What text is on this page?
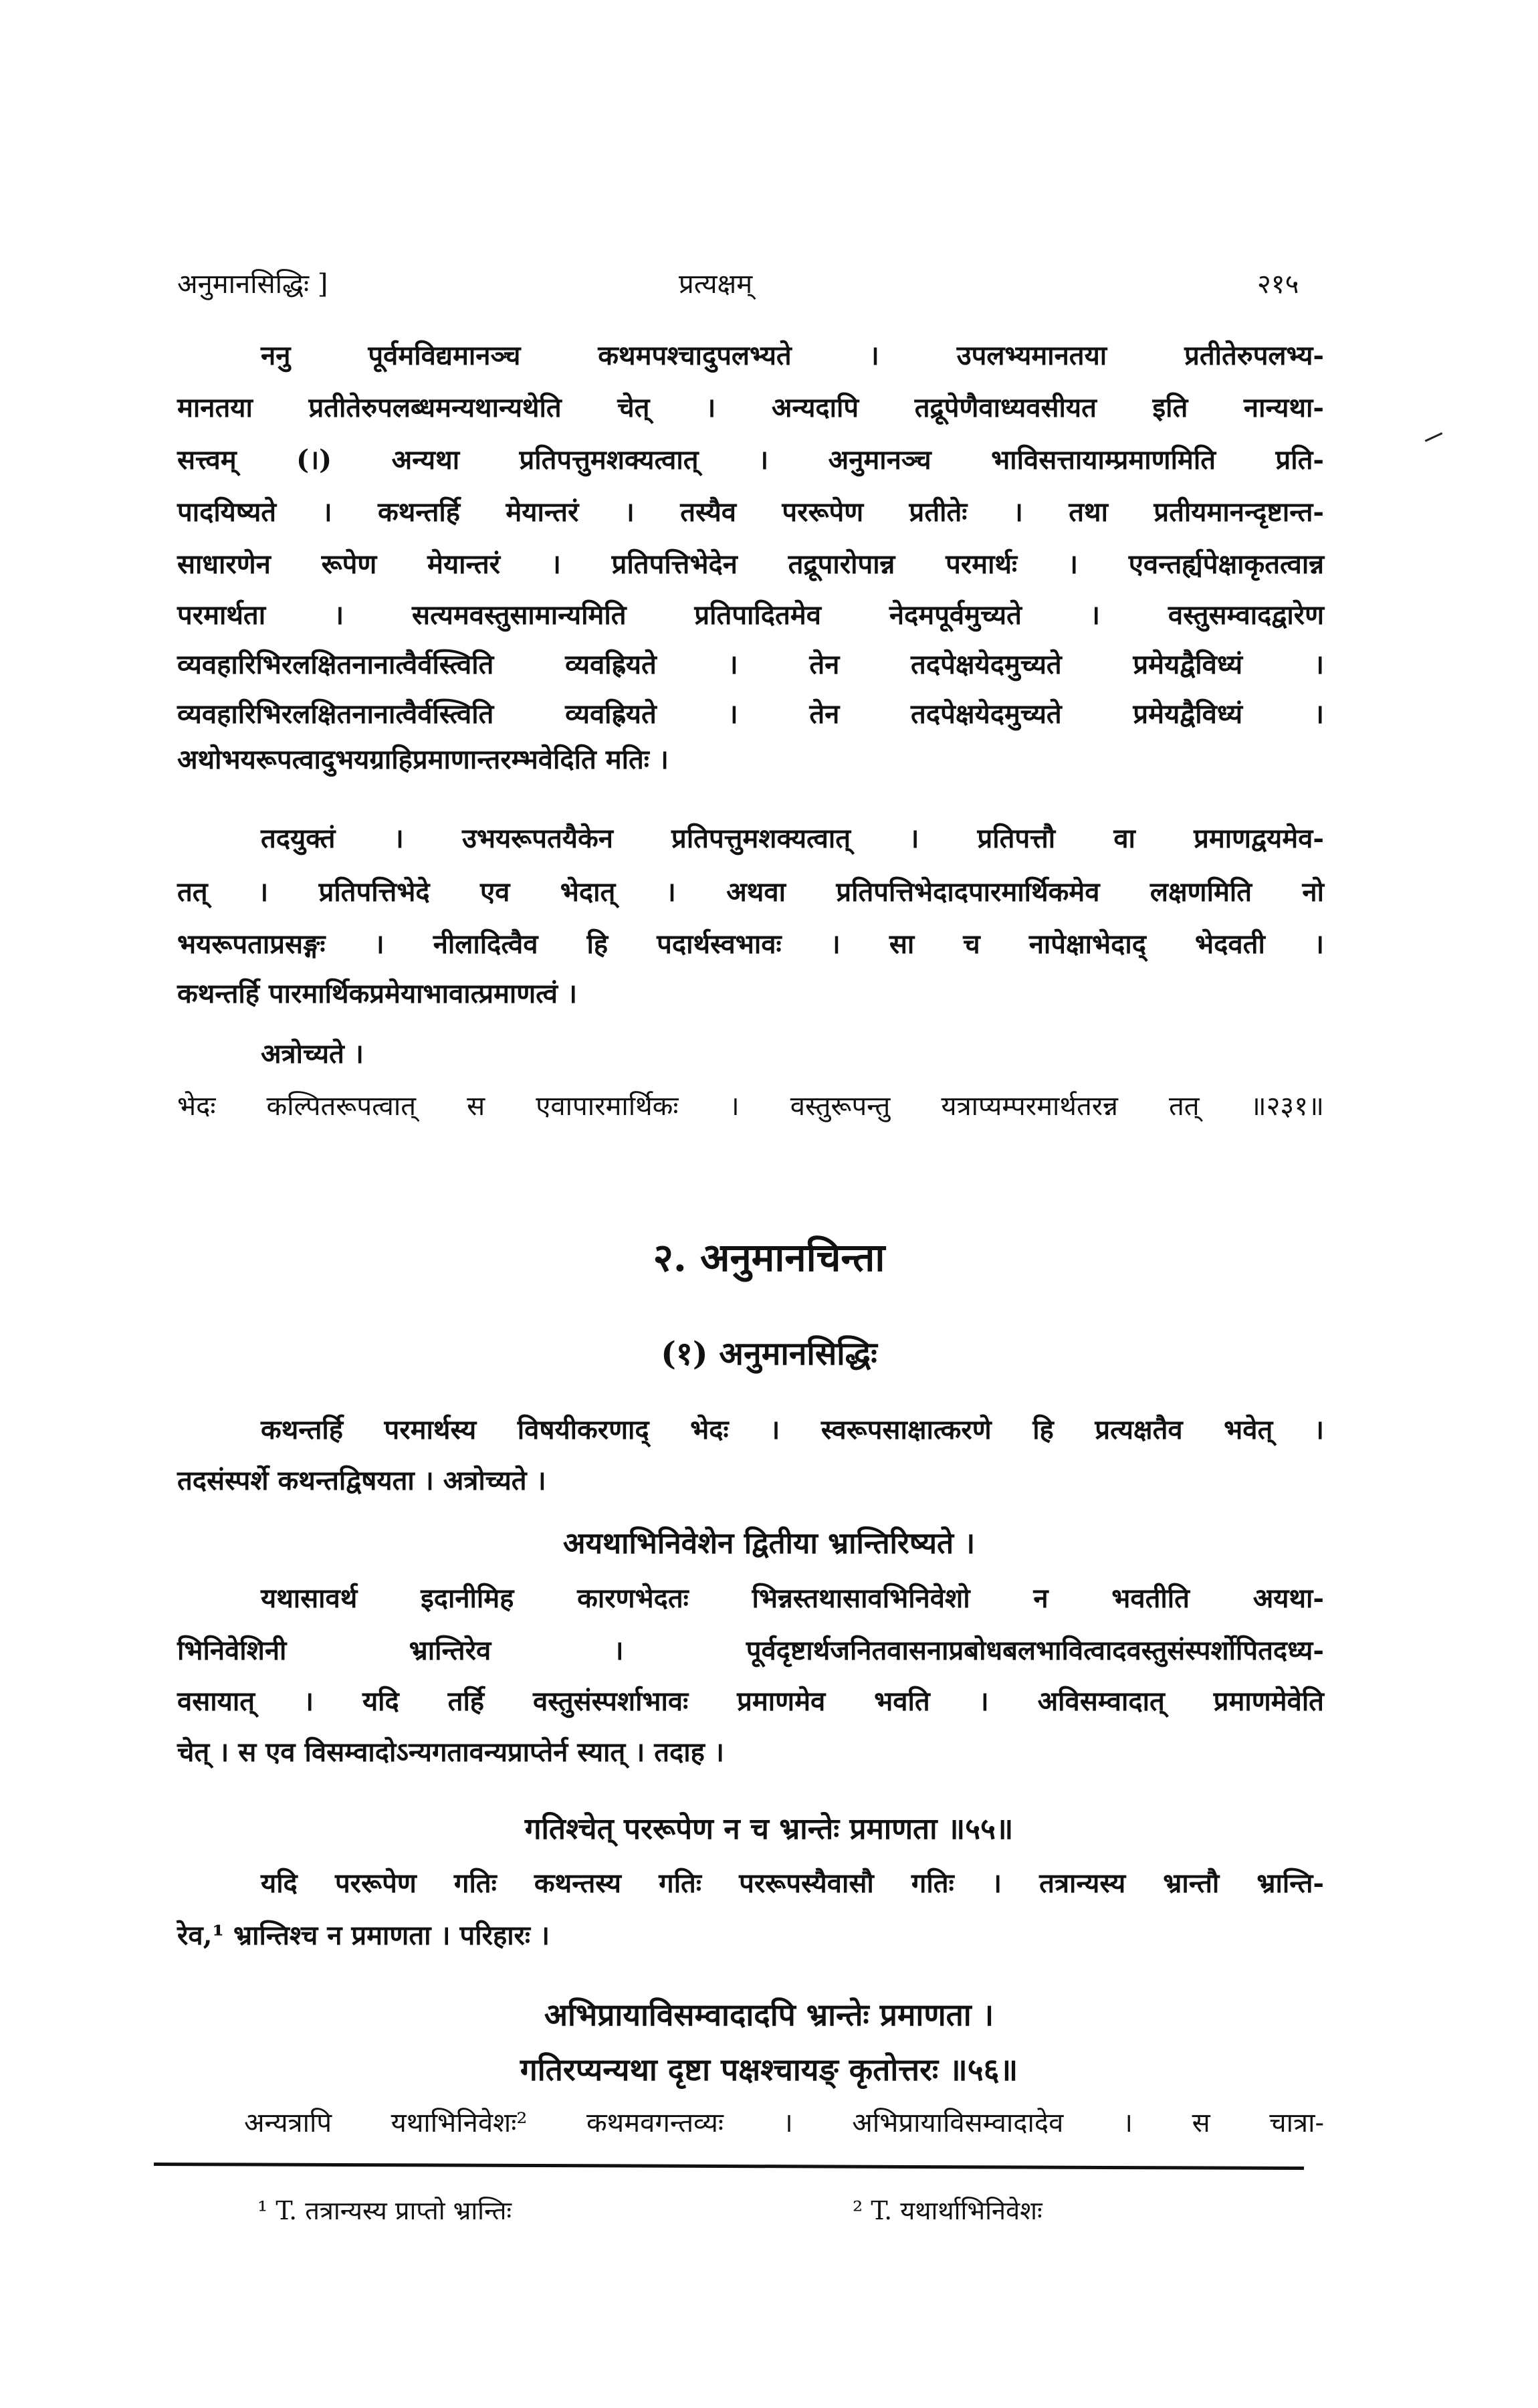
अनुमानसिद्धिः ]	प्रत्यक्षम्	२१५
ननु पूर्वमविद्यमानञ्च कथमपश्चादुपलभ्यते । उपलभ्यमानतया प्रतीतेरुपलभ्य-
मानतया प्रतीतेरुपलब्धमन्यथान्यथेति चेत् । अन्यदापि तद्रूपेणैवाध्यवसीयत इति नान्यथा-
सत्त्वम् (।) अन्यथा प्रतिपत्तुमशक्यत्वात् । अनुमानञ्च भाविसत्तायाम्प्रमाणमिति प्रति-
पादयिष्यते । कथन्तर्हि मेयान्तरं । तस्यैव पररूपेण प्रतीतेः । तथा प्रतीयमानन्दृष्टान्त-
साधारणेन रूपेण मेयान्तरं । प्रतिपत्तिभेदेन तद्रूपारोपान्न परमार्थः । एवन्तर्ह्यपेक्षाकृतत्वान्न
परमार्थता । सत्यमवस्तुसामान्यमिति प्रतिपादितमेव नेदमपूर्वमुच्यते । वस्तुसम्वादद्वारेण
व्यवहारिभिरलक्षितनानात्वैर्वस्त्विति व्यवह्रियते । तेन तदपेक्षयेदमुच्यते प्रमेयद्वैविध्यं ।
व्यवहारिभिरलक्षितनानात्वैर्वस्त्विति व्यवह्रियते । तेन तदपेक्षयेदमुच्यते प्रमेयद्वैविध्यं ।
अथोभयरूपत्वादुभयग्राहिप्रमाणान्तरम्भवेदिति मतिः ।
तदयुक्तं । उभयरूपतयैकेन प्रतिपत्तुमशक्यत्वात् । प्रतिपत्तौ वा प्रमाणद्वयमेव-
तत् । प्रतिपत्तिभेदे एव भेदात् । अथवा प्रतिपत्तिभेदादपारमार्थिकमेव लक्षणमिति नो
भयरूपताप्रसङ्गः । नीलादित्वैव हि पदार्थस्वभावः । सा च नापेक्षाभेदाद् भेदवती ।
कथन्तर्हि पारमार्थिकप्रमेयाभावात्प्रमाणत्वं ।
अत्रोच्यते ।
भेदः कल्पितरूपत्वात् स एवापारमार्थिकः । वस्तुरूपन्तु यत्राप्यम्परमार्थतरन्न तत् ॥२३१॥
२. अनुमानचिन्ता
(१) अनुमानसिद्धिः
कथन्तर्हि परमार्थस्य विषयीकरणाद् भेदः । स्वरूपसाक्षात्करणे हि प्रत्यक्षतैव भवेत् ।
तदसंस्पर्शे कथन्तद्विषयता । अत्रोच्यते ।
अयथाभिनिवेशेन द्वितीया भ्रान्तिरिष्यते ।
यथासावर्थ इदानीमिह कारणभेदतः भिन्नस्तथासावभिनिवेशो न भवतीति अयथा-
भिनिवेशिनी भ्रान्तिरेव । पूर्वदृष्टार्थजनितवासनाप्रबोधबलभावित्वादवस्तुसंस्पर्शोपितदध्य-
वसायात् । यदि तर्हि वस्तुसंस्पर्शाभावः प्रमाणमेव भवति । अविसम्वादात् प्रमाणमेवेति
चेत् । स एव विसम्वादोऽन्यगतावन्यप्राप्तेर्न स्यात् । तदाह ।
गतिश्चेत् पररूपेण न च भ्रान्तेः प्रमाणता ॥५५॥
यदि पररूपेण गतिः कथन्तस्य गतिः पररूपस्यैवासौ गतिः । तत्रान्यस्य भ्रान्तौ भ्रान्ति-
रेव,¹ भ्रान्तिश्च न प्रमाणता । परिहारः ।
अभिप्रायाविसम्वादादपि भ्रान्तेः प्रमाणता ।
गतिरप्यन्यथा दृष्टा पक्षश्चायङ् कृतोत्तरः ॥५६॥
अन्यत्रापि यथाभिनिवेशः² कथमवगन्तव्यः । अभिप्रायाविसम्वादादेव । स चात्रा-
¹ T. तत्रान्यस्य प्राप्तो भ्रान्तिः	² T. यथार्थाभिनिवेशः
